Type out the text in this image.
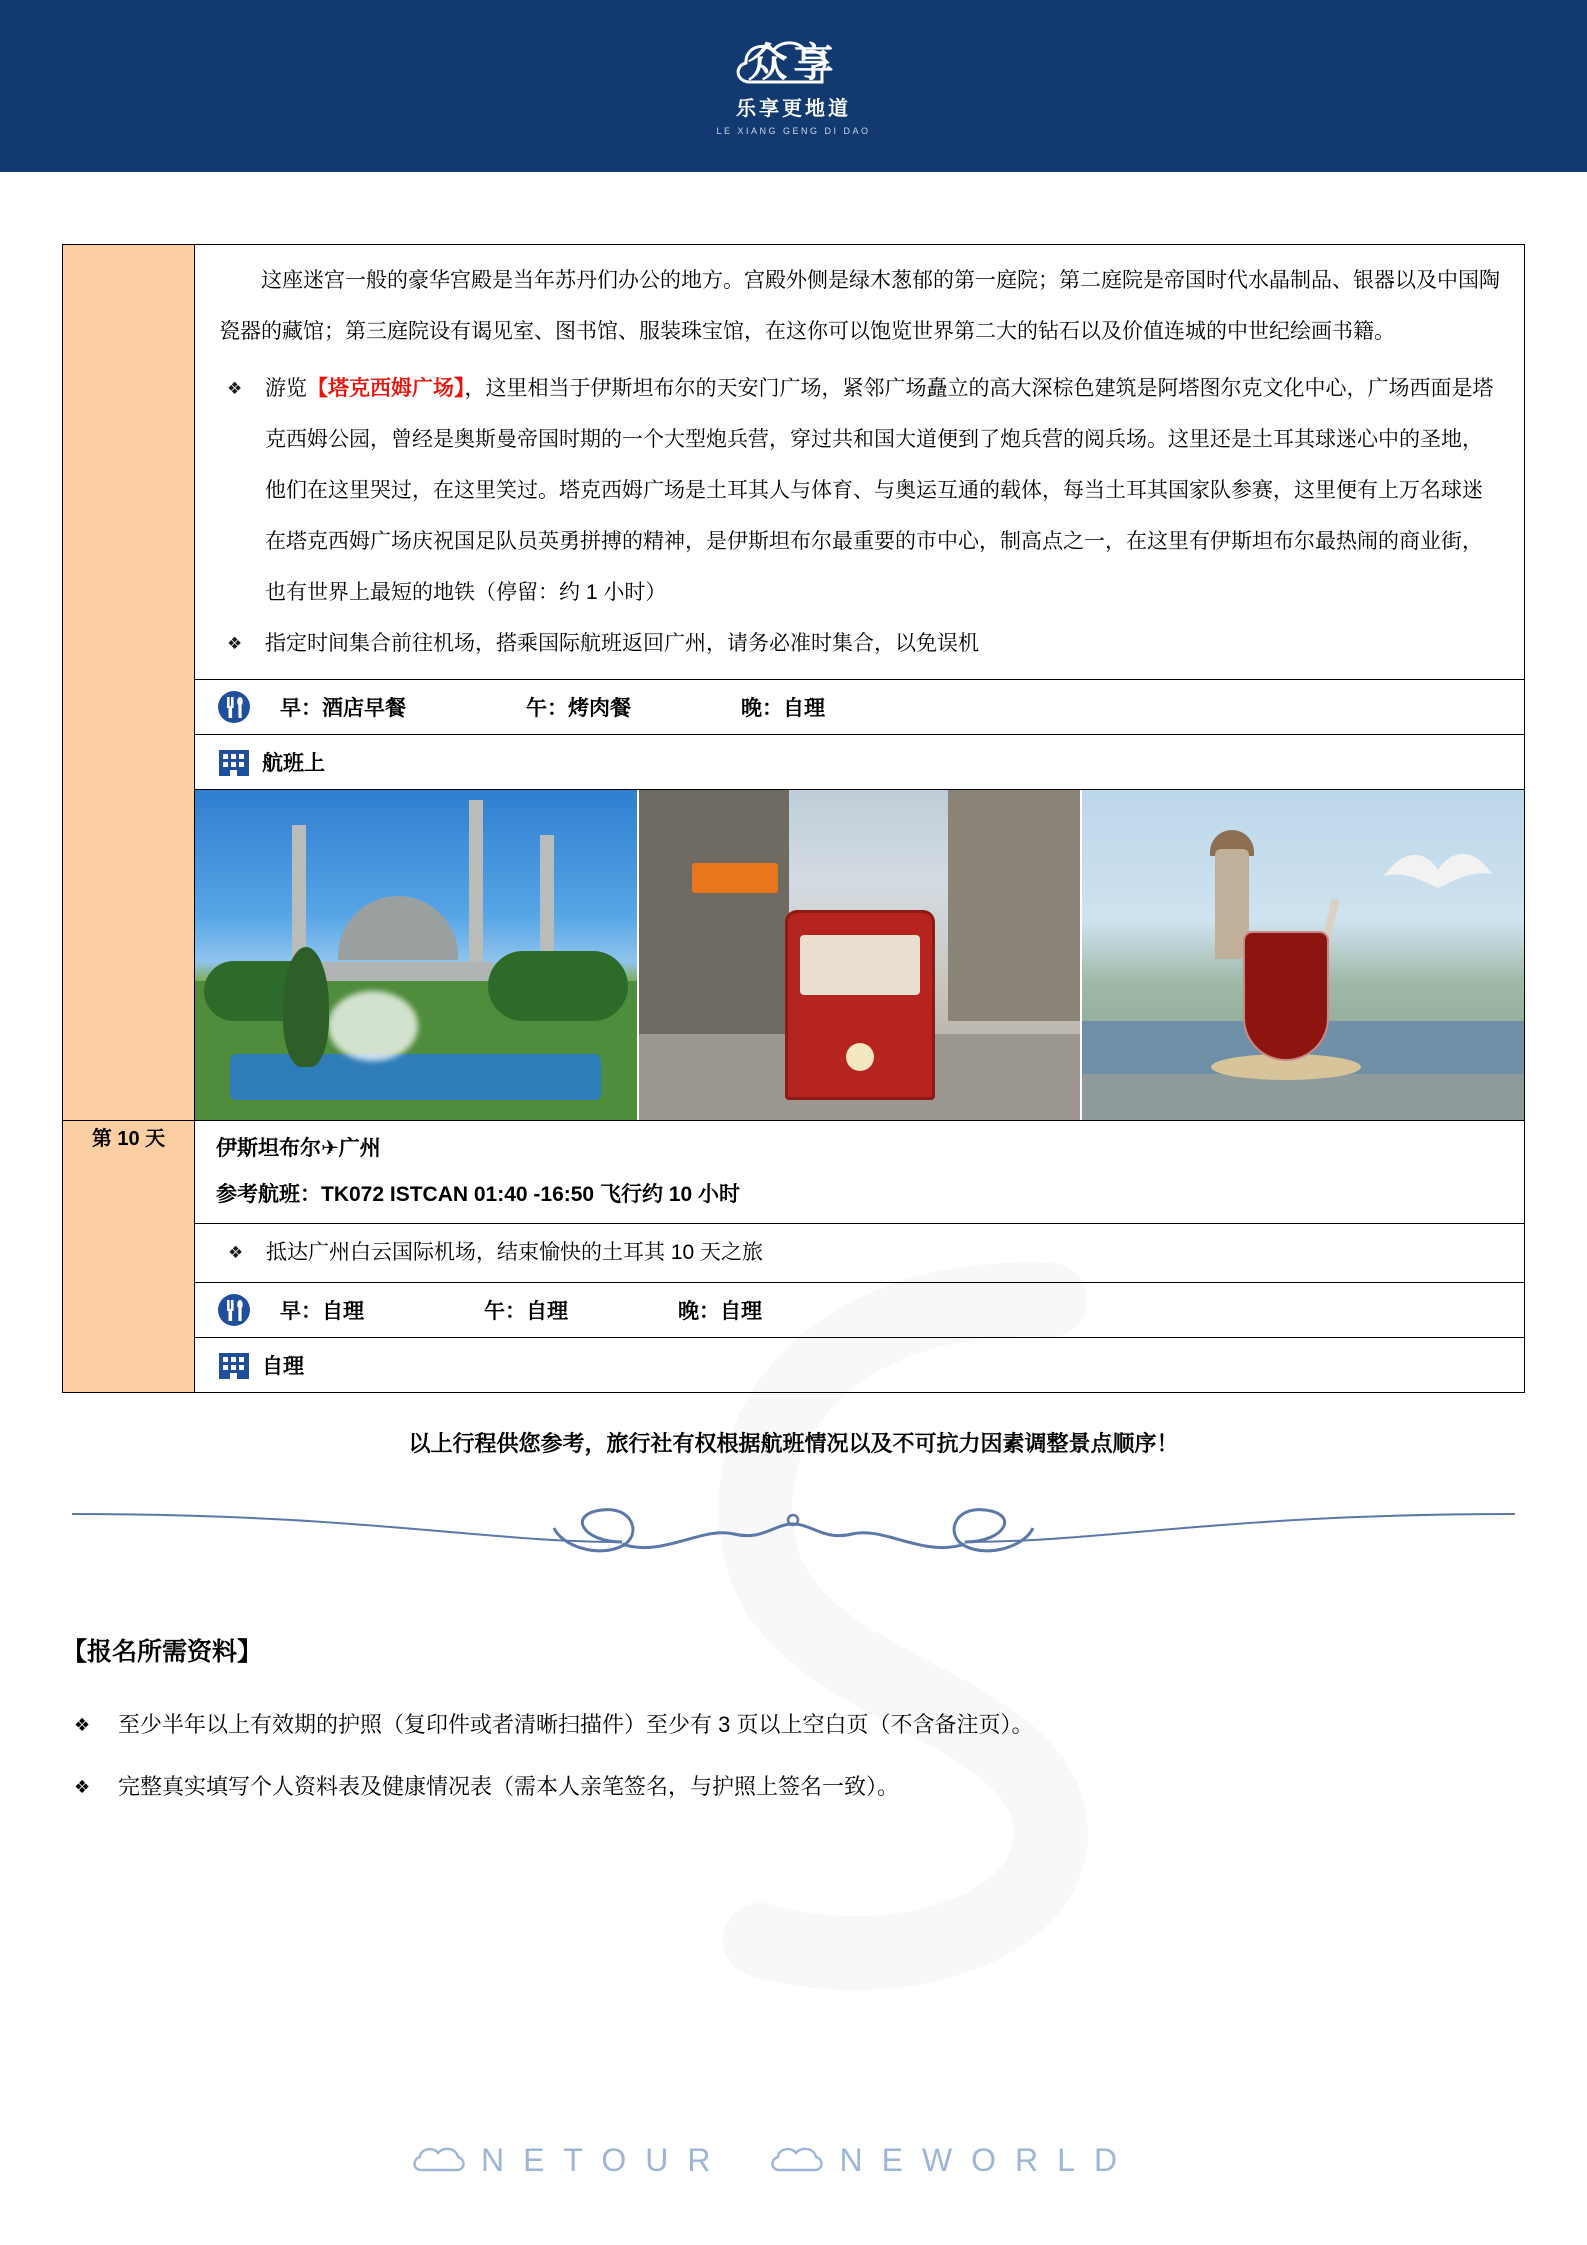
众享
乐享更地道
LE XIANG GENG DI DAO

这座迷宫一般的豪华宫殿是当年苏丹们办公的地方。宫殿外侧是绿木葱郁的第一庭院；第二庭院是帝国时代水晶制品、银器以及中国陶瓷器的藏馆；第三庭院设有谒见室、图书馆、服装珠宝馆，在这你可以饱览世界第二大的钻石以及价值连城的中世纪绘画书籍。

❖ 游览【塔克西姆广场】，这里相当于伊斯坦布尔的天安门广场，紧邻广场矗立的高大深棕色建筑是阿塔图尔克文化中心，广场西面是塔克西姆公园，曾经是奥斯曼帝国时期的一个大型炮兵营，穿过共和国大道便到了炮兵营的阅兵场。这里还是土耳其球迷心中的圣地，他们在这里哭过，在这里笑过。塔克西姆广场是土耳其人与体育、与奥运互通的载体，每当土耳其国家队参赛，这里便有上万名球迷在塔克西姆广场庆祝国足队员英勇拼搏的精神，是伊斯坦布尔最重要的市中心，制高点之一，在这里有伊斯坦布尔最热闹的商业街，也有世界上最短的地铁（停留：约 1 小时）
❖ 指定时间集合前往机场，搭乘国际航班返回广州，请务必准时集合，以免误机

	早：酒店早餐 午：烤肉餐 晚：自理

	航班上

第 10 天	伊斯坦布尔✈广州
参考航班：TK072 ISTCAN 01:40 -16:50 飞行约 10 小时

❖ 抵达广州白云国际机场，结束愉快的土耳其 10 天之旅

	早：自理 午：自理 晚：自理

	自理
以上行程供您参考，旅行社有权根据航班情况以及不可抗力因素调整景点顺序！
【报名所需资料】
❖ 至少半年以上有效期的护照（复印件或者清晰扫描件）至少有 3 页以上空白页（不含备注页）。
❖ 完整真实填写个人资料表及健康情况表（需本人亲笔签名，与护照上签名一致）。
NETOUR	NEWORLD
